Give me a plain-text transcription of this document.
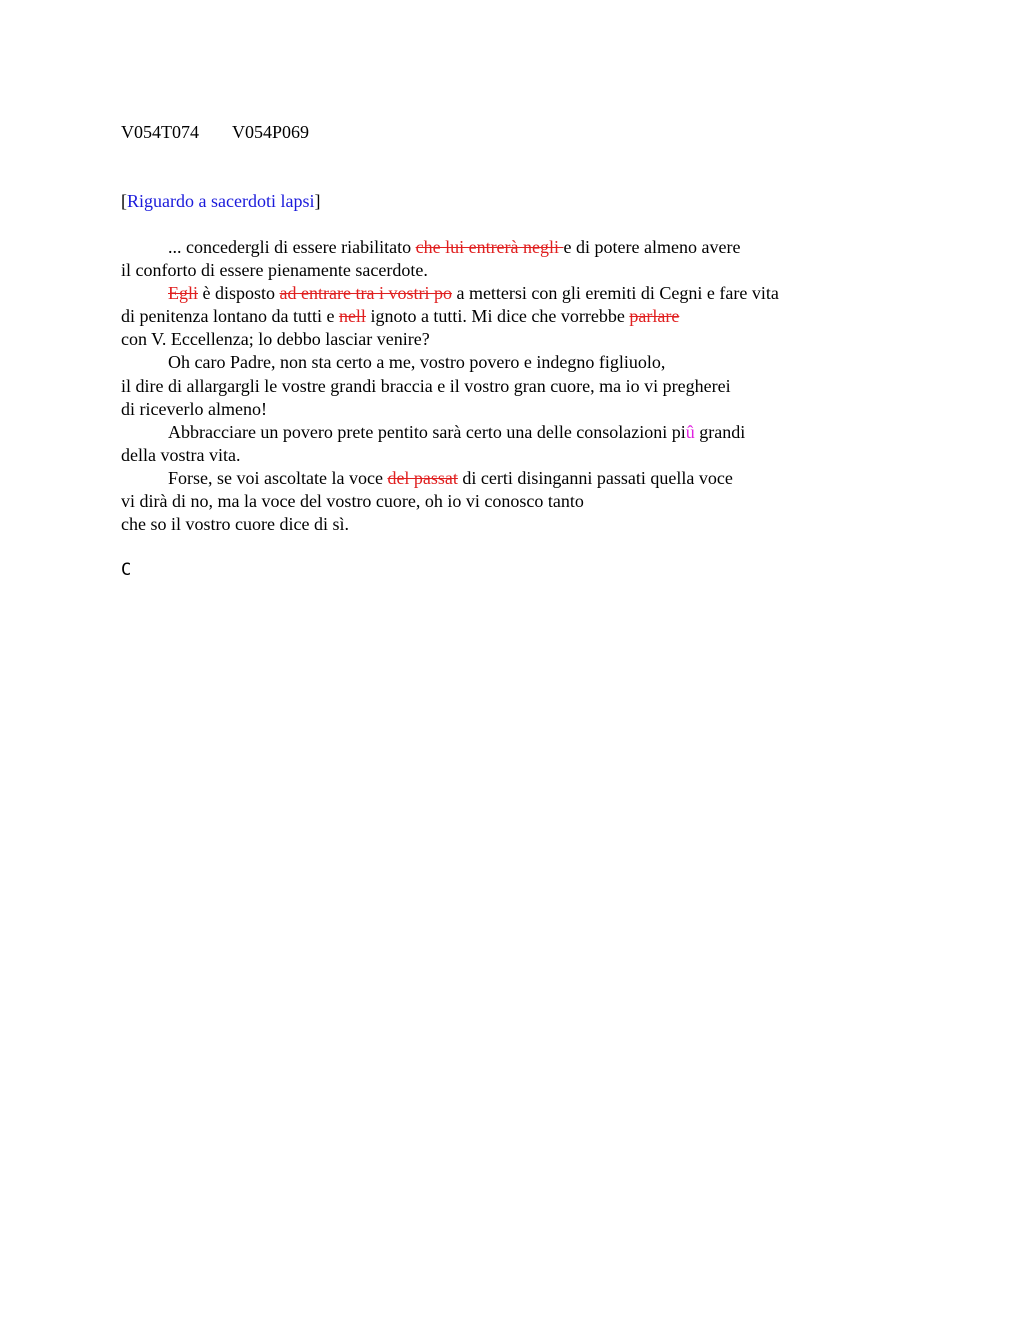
V054T074 V054P069
[Riguardo a sacerdoti lapsi]
... concedergli di essere riabilitato che lui entrerà negli e di potere almeno avere
il conforto di essere pienamente sacerdote.
Egli è disposto ad entrare tra i vostri po a mettersi con gli eremiti di Cegni e fare vita
di penitenza lontano da tutti e nell ignoto a tutti. Mi dice che vorrebbe parlare
con V. Eccellenza; lo debbo lasciar venire?
Oh caro Padre, non sta certo a me, vostro povero e indegno figliuolo,
il dire di allargargli le vostre grandi braccia e il vostro gran cuore, ma io vi pregherei
di riceverlo almeno!
Abbracciare un povero prete pentito sarà certo una delle consolazioni piû grandi
della vostra vita.
Forse, se voi ascoltate la voce del passat di certi disinganni passati quella voce
vi dirà di no, ma la voce del vostro cuore, oh io vi conosco tanto
che so il vostro cuore dice di sì.
C
